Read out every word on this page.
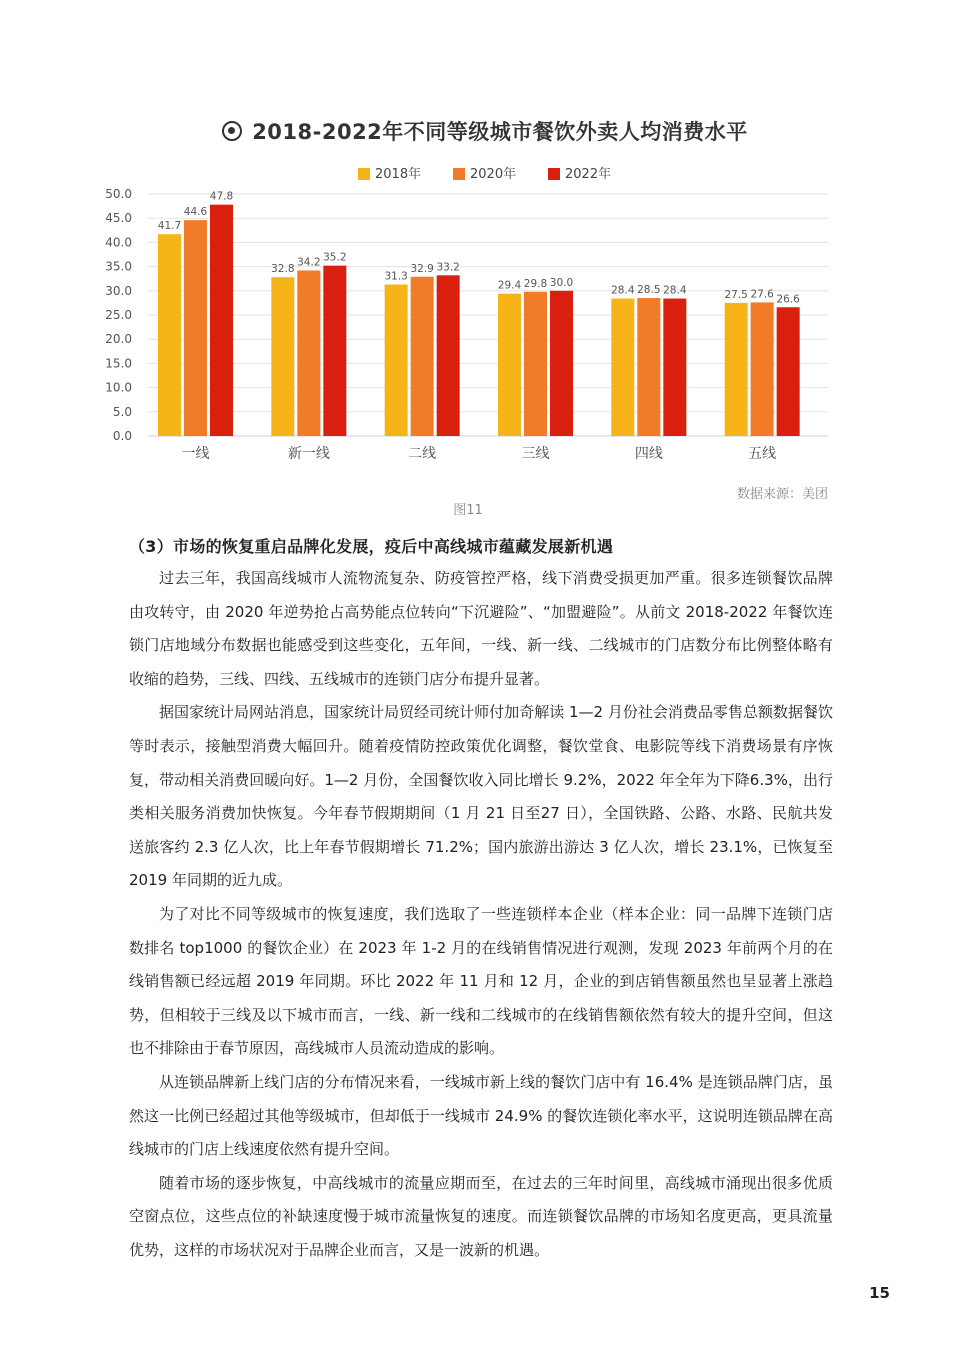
2018-2022年不同等级城市餐饮外卖人均消费水平
0.0
5.0
10.0
15.0
20.0
25.0
30.0
35.0
40.0
45.0
50.0
2018年	2020年	2022年
41.7
44.6
47.8
一线
32.8
34.2 35.2
新一线
31.3
32.9 33.2
二线
29.4 29.8 30.0
三线
28.4 28.5 28.4
四线
27.5 27.6 26.6
五线
数据来源：美团
图11
（3）市场的恢复重启品牌化发展，疫后中高线城市蕴藏发展新机遇

过去三年，我国高线城市人流物流复杂、防疫管控严格，线下消费受损更加严重。很多连锁餐饮品牌由攻转守，由 2020 年逆势抢占高势能点位转向“下沉避险”、“加盟避险”。从前文 2018-2022 年餐饮连锁门店地域分布数据也能感受到这些变化，五年间，一线、新一线、二线城市的门店数分布比例整体略有收缩的趋势，三线、四线、五线城市的连锁门店分布提升显著。

据国家统计局网站消息，国家统计局贸经司统计师付加奇解读 1—2 月份社会消费品零售总额数据餐饮等时表示，接触型消费大幅回升。随着疫情防控政策优化调整，餐饮堂食、电影院等线下消费场景有序恢复，带动相关消费回暖向好。1—2 月份，全国餐饮收入同比增长 9.2%，2022 年全年为下降6.3%，出行类相关服务消费加快恢复。今年春节假期期间（1 月 21 日至27 日），全国铁路、公路、水路、民航共发送旅客约 2.3 亿人次，比上年春节假期增长 71.2%；国内旅游出游达 3 亿人次，增长 23.1%，已恢复至 2019 年同期的近九成。

为了对比不同等级城市的恢复速度，我们选取了一些连锁样本企业（样本企业：同一品牌下连锁门店数排名 top1000 的餐饮企业）在 2023 年 1-2 月的在线销售情况进行观测，发现 2023 年前两个月的在线销售额已经远超 2019 年同期。环比 2022 年 11 月和 12 月，企业的到店销售额虽然也呈显著上涨趋势，但相较于三线及以下城市而言，一线、新一线和二线城市的在线销售额依然有较大的提升空间，但这也不排除由于春节原因，高线城市人员流动造成的影响。

从连锁品牌新上线门店的分布情况来看，一线城市新上线的餐饮门店中有 16.4% 是连锁品牌门店，虽然这一比例已经超过其他等级城市，但却低于一线城市 24.9% 的餐饮连锁化率水平，这说明连锁品牌在高线城市的门店上线速度依然有提升空间。

随着市场的逐步恢复，中高线城市的流量应期而至，在过去的三年时间里，高线城市涌现出很多优质空窗点位，这些点位的补缺速度慢于城市流量恢复的速度。而连锁餐饮品牌的市场知名度更高，更具流量优势，这样的市场状况对于品牌企业而言，又是一波新的机遇。

15
